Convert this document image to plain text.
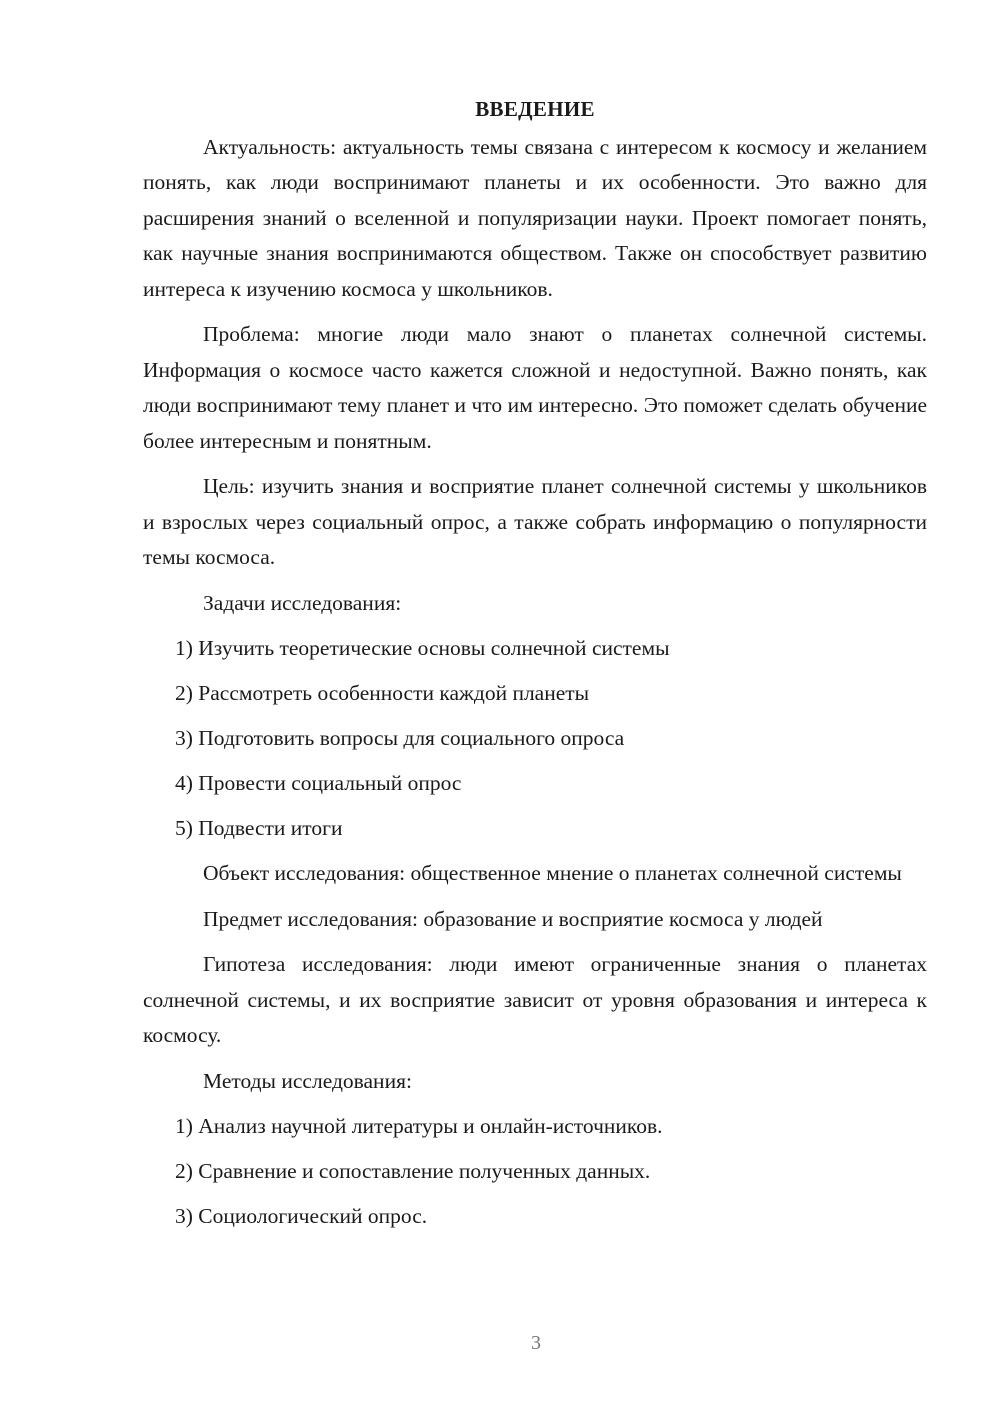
ВВЕДЕНИЕ

Актуальность: актуальность темы связана с интересом к космосу и желанием понять, как люди воспринимают планеты и их особенности. Это важно для расширения знаний о вселенной и популяризации науки. Проект помогает понять, как научные знания воспринимаются обществом. Также он способствует развитию интереса к изучению космоса у школьников.

Проблема: многие люди мало знают о планетах солнечной системы. Информация о космосе часто кажется сложной и недоступной. Важно понять, как люди воспринимают тему планет и что им интересно. Это поможет сделать обучение более интересным и понятным.

Цель: изучить знания и восприятие планет солнечной системы у школьников и взрослых через социальный опрос, а также собрать информацию о популярности темы космоса.

Задачи исследования:

1) Изучить теоретические основы солнечной системы
2) Рассмотреть особенности каждой планеты
3) Подготовить вопросы для социального опроса
4) Провести социальный опрос
5) Подвести итоги

Объект исследования: общественное мнение о планетах солнечной системы

Предмет исследования: образование и восприятие космоса у людей

Гипотеза исследования: люди имеют ограниченные знания о планетах солнечной системы, и их восприятие зависит от уровня образования и интереса к космосу.

Методы исследования:

1) Анализ научной литературы и онлайн-источников.
2) Сравнение и сопоставление полученных данных.
3) Социологический опрос.
3
